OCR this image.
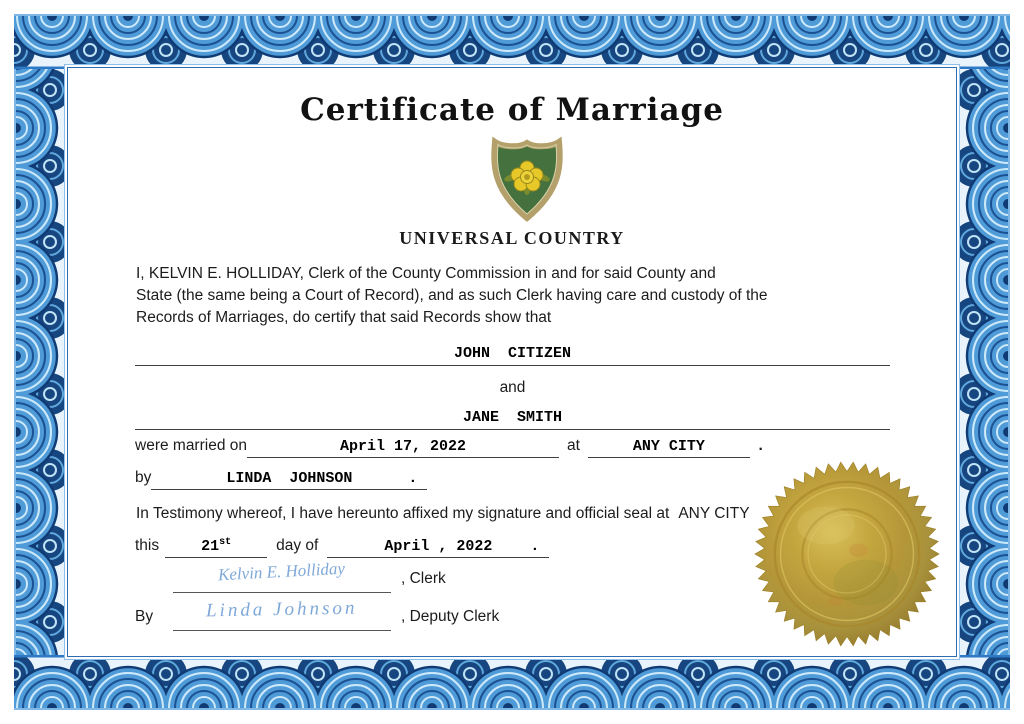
Certificate of Marriage
UNIVERSAL COUNTRY
I, KELVIN E. HOLLIDAY, Clerk of the County Commission in and for said County and
State (the same being a Court of Record), and as such Clerk having care and custody of the
Records of Marriages, do certify that said Records show that
JOHN CITIZEN
and
JANE SMITH
were married on	April 17, 2022	at	ANY CITY	.
by	LINDA JOHNSON	.
In Testimony whereof, I have hereunto affixed my signature and official seal at ANY CITY
this	21st	day of	April , 2022	.
Kelvin E. Holliday	, Clerk
By	Linda Johnson	, Deputy Clerk
